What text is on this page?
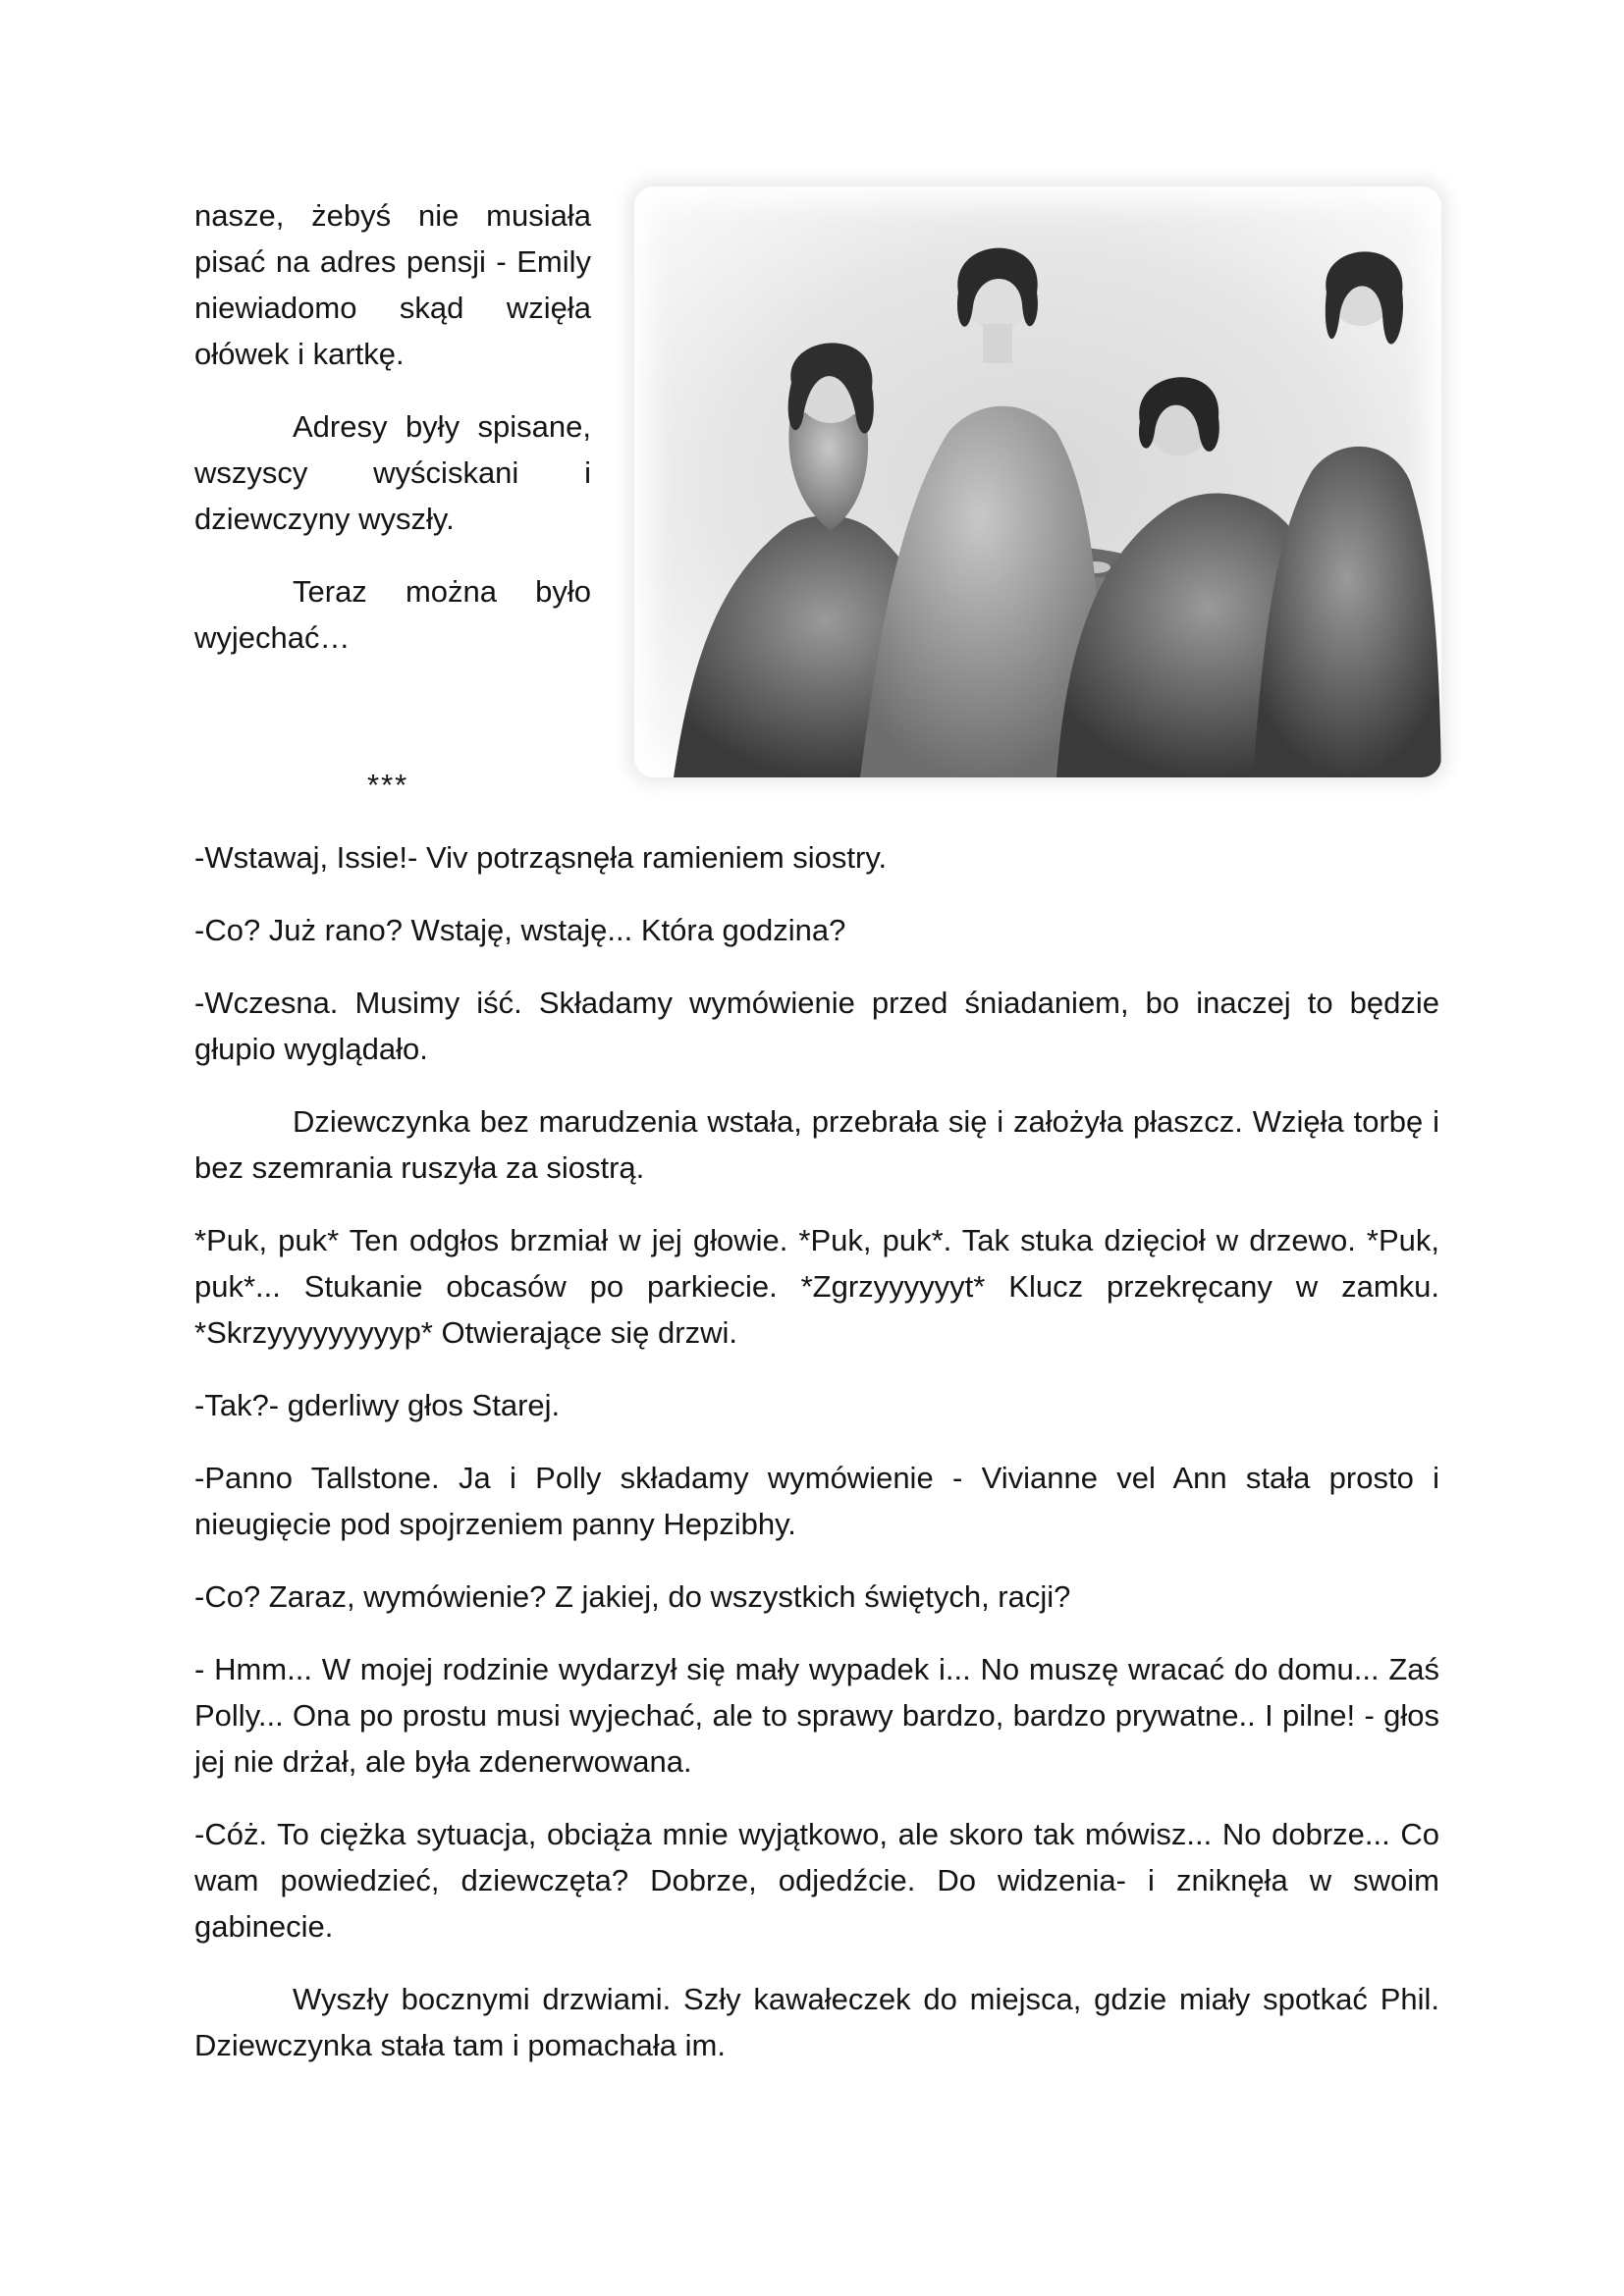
nasze, żebyś nie musiała pisać na adres pensji - Emily niewiadomo skąd wzięła ołówek i kartkę.

Adresy były spisane, wszyscy wyściskani i dziewczyny wyszły.

Teraz można było wyjechać…

***

-Wstawaj, Issie!- Viv potrząsnęła ramieniem siostry.

-Co? Już rano? Wstaję, wstaję... Która godzina?

-Wczesna. Musimy iść. Składamy wymówienie przed śniadaniem, bo inaczej to będzie głupio wyglądało.

Dziewczynka bez marudzenia wstała, przebrała się i założyła płaszcz. Wzięła torbę i bez szemrania ruszyła za siostrą.

*Puk, puk* Ten odgłos brzmiał w jej głowie. *Puk, puk*. Tak stuka dzięcioł w drzewo. *Puk, puk*... Stukanie obcasów po parkiecie. *Zgrzyyyyyyt* Klucz przekręcany w zamku. *Skrzyyyyyyyyyp* Otwierające się drzwi.

-Tak?- gderliwy głos Starej.

-Panno Tallstone. Ja i Polly składamy wymówienie - Vivianne vel Ann stała prosto i nieugięcie pod spojrzeniem panny Hepzibhy.

-Co? Zaraz, wymówienie? Z jakiej, do wszystkich świętych, racji?

- Hmm... W mojej rodzinie wydarzył się mały wypadek i... No muszę wracać do domu... Zaś Polly... Ona po prostu musi wyjechać, ale to sprawy bardzo, bardzo prywatne.. I pilne! - głos jej nie drżał, ale była zdenerwowana.

-Cóż. To ciężka sytuacja, obciąża mnie wyjątkowo, ale skoro tak mówisz... No dobrze... Co wam powiedzieć, dziewczęta? Dobrze, odjedźcie. Do widzenia- i zniknęła w swoim gabinecie.

Wyszły bocznymi drzwiami. Szły kawałeczek do miejsca, gdzie miały spotkać Phil. Dziewczynka stała tam i pomachała im.
